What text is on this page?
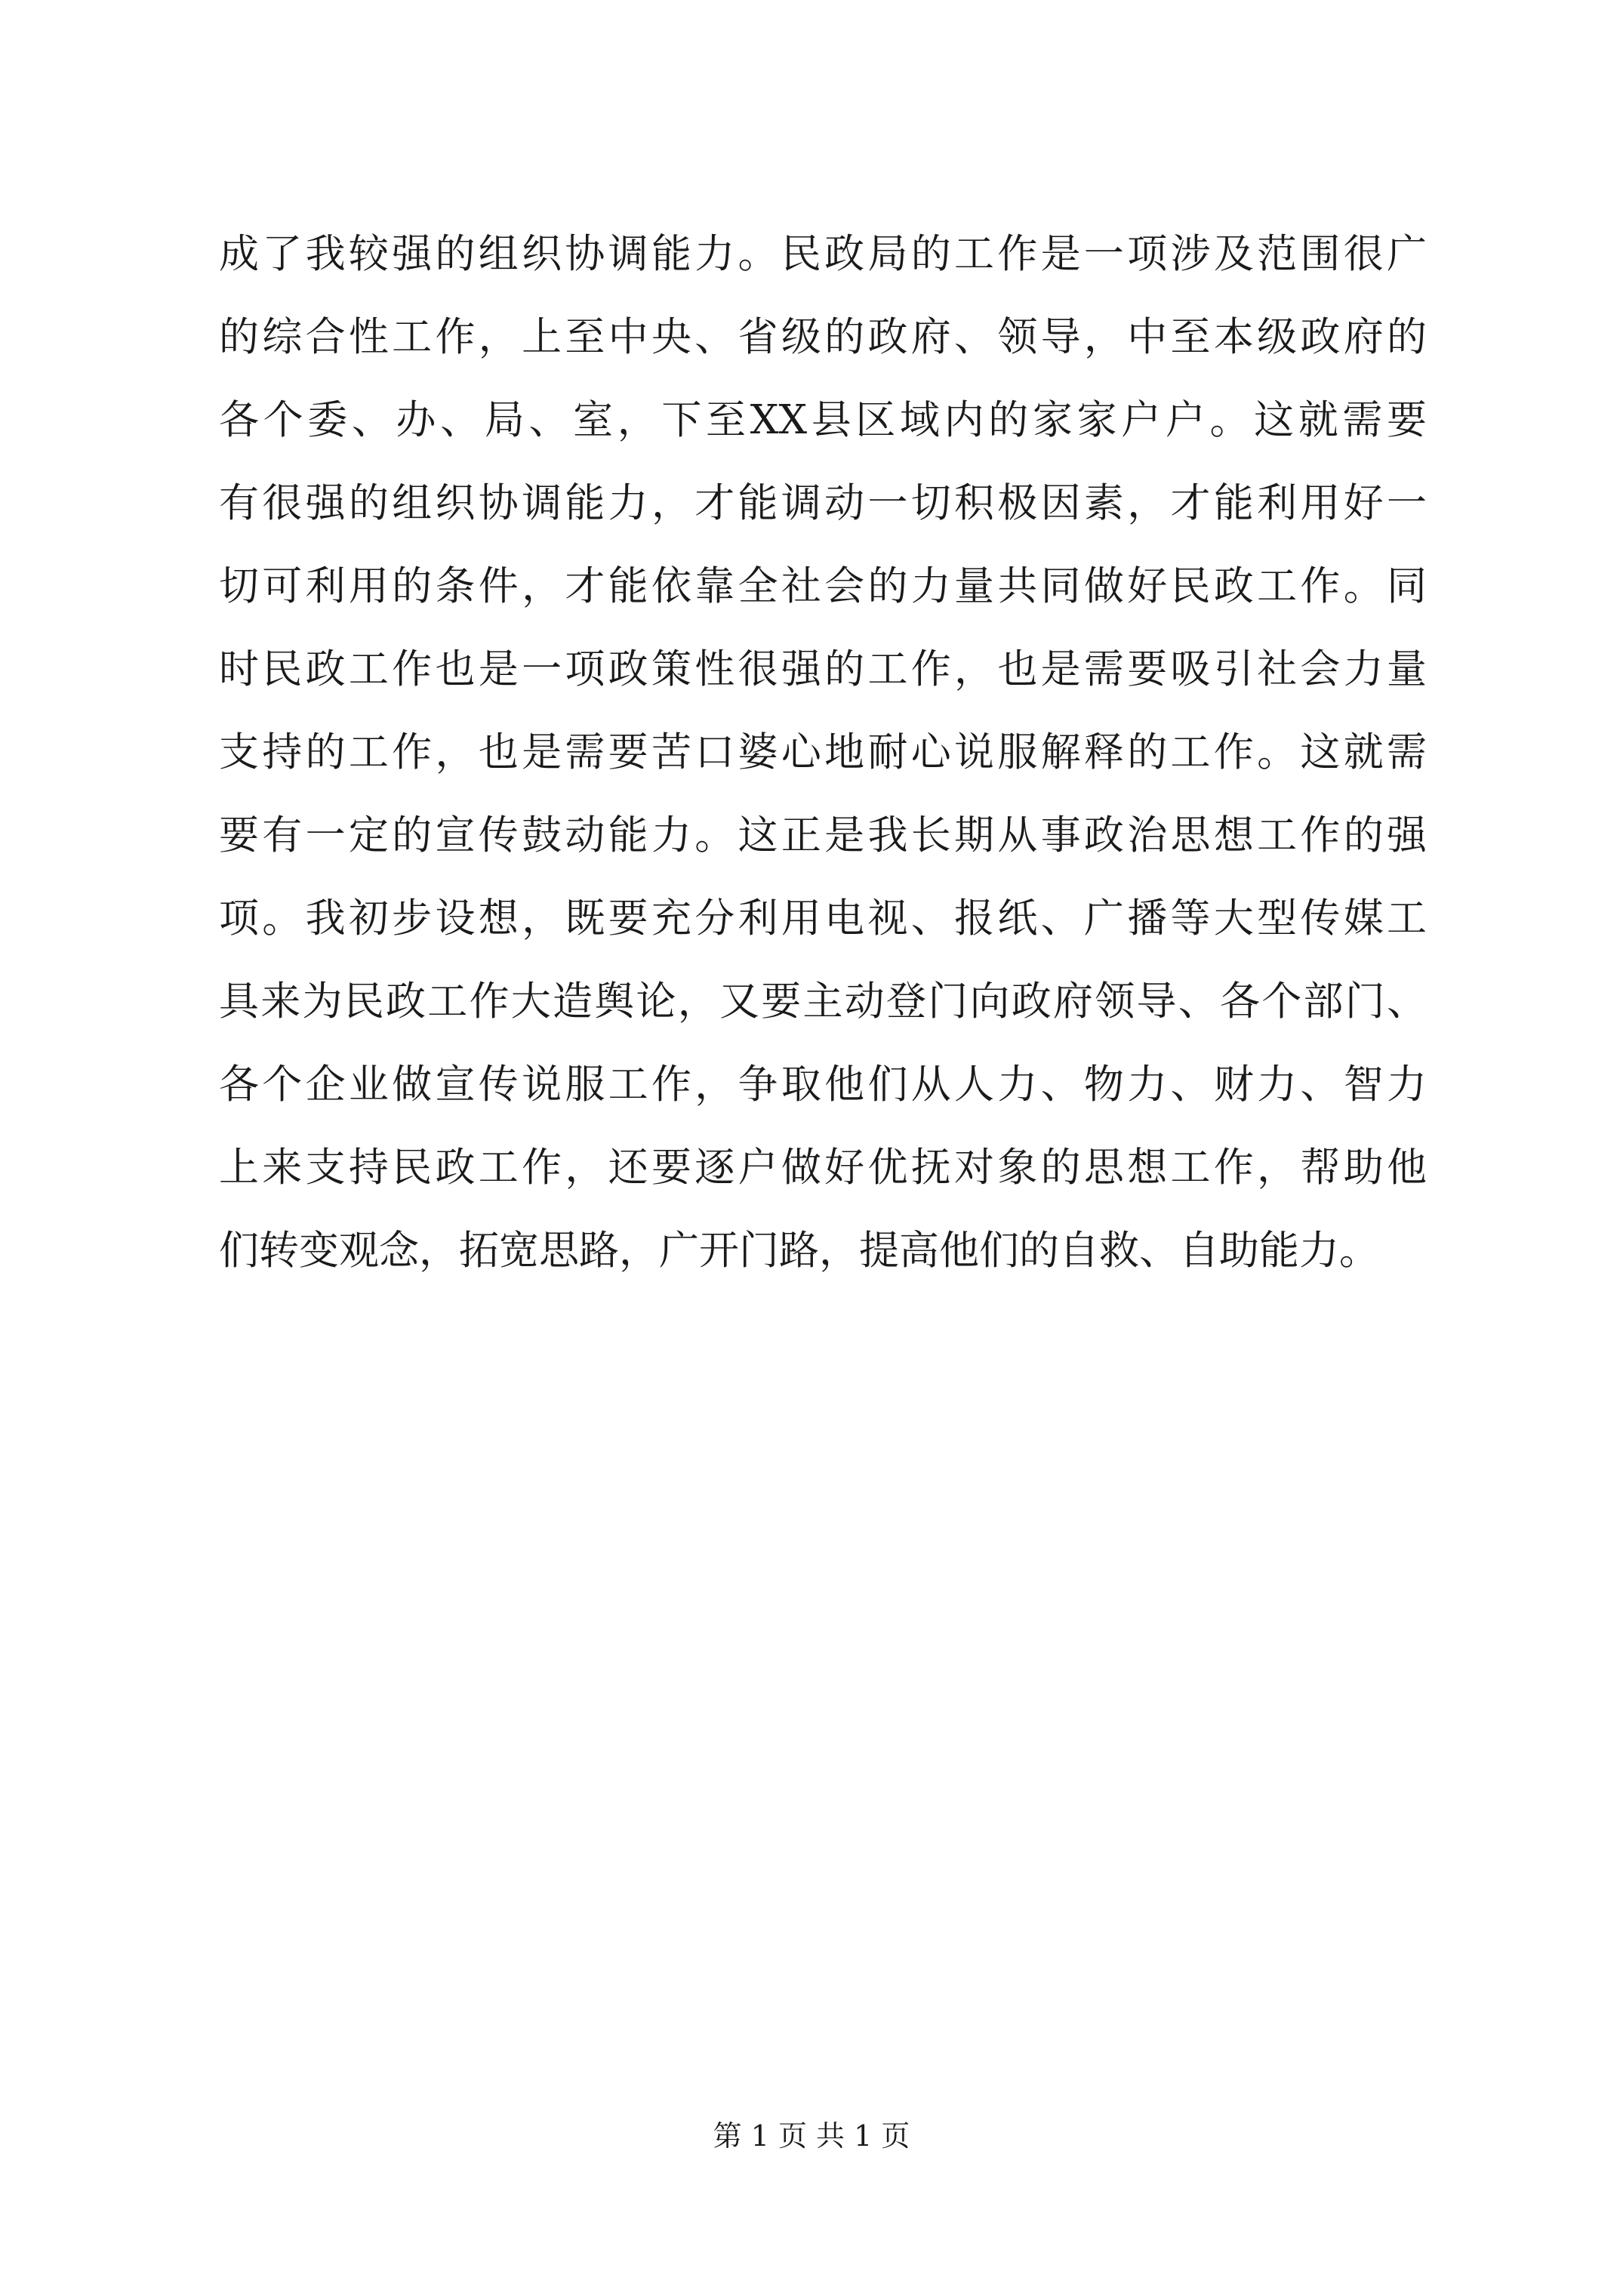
成了我较强的组织协调能力。民政局的工作是一项涉及范围很广
的综合性工作，上至中央、省级的政府、领导，中至本级政府的
各个委、办、局、室，下至XX县区域内的家家户户。这就需要
有很强的组织协调能力，才能调动一切积极因素，才能利用好一
切可利用的条件，才能依靠全社会的力量共同做好民政工作。同
时民政工作也是一项政策性很强的工作，也是需要吸引社会力量
支持的工作，也是需要苦口婆心地耐心说服解释的工作。这就需
要有一定的宣传鼓动能力。这正是我长期从事政治思想工作的强
项。我初步设想，既要充分利用电视、报纸、广播等大型传媒工
具来为民政工作大造舆论，又要主动登门向政府领导、各个部门、
各个企业做宣传说服工作，争取他们从人力、物力、财力、智力
上来支持民政工作，还要逐户做好优抚对象的思想工作，帮助他
们转变观念，拓宽思路，广开门路，提高他们的自救、自助能力。
第 1 页 共 1 页
